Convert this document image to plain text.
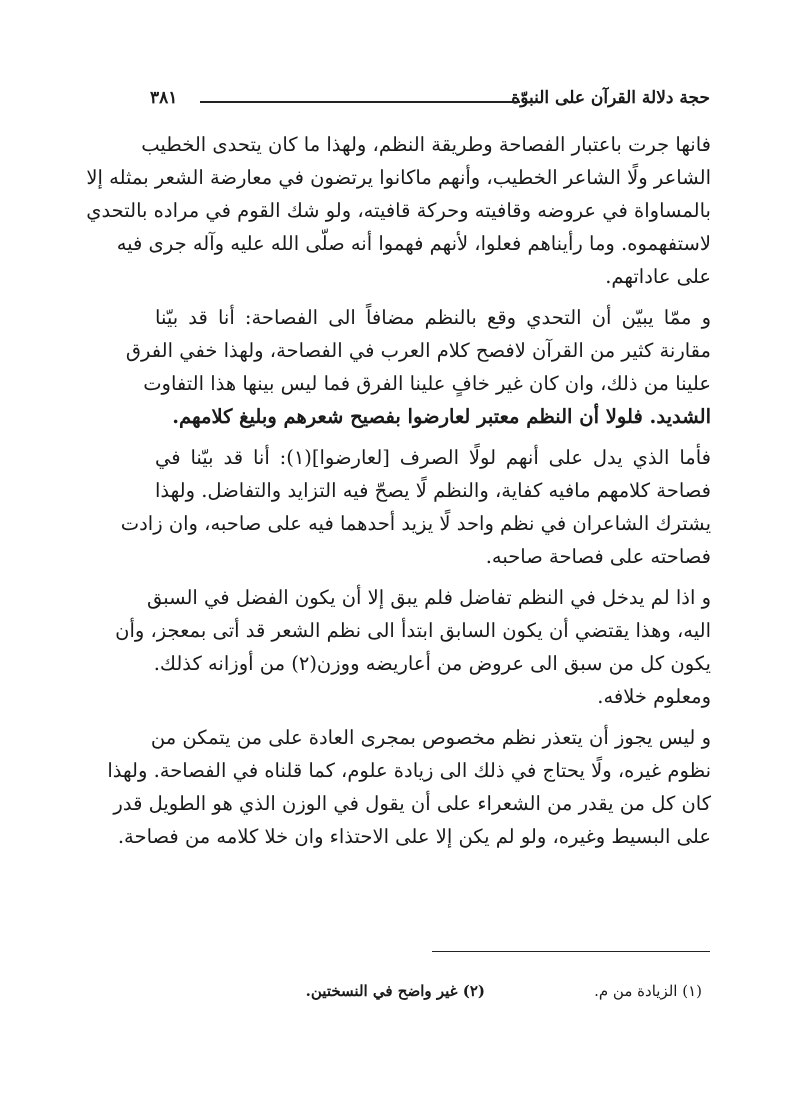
حجة دلالة القرآن على النبوّة
٣٨١
فانها جرت باعتبار الفصاحة وطريقة النظم، ولهذا ما كان يتحدى الخطيب
الشاعر ولًا الشاعر الخطيب، وأنهم ماكانوا يرتضون في معارضة الشعر بمثله إلا
بالمساواة في عروضه وقافيته وحركة قافيته، ولو شك القوم في مراده بالتحدي
لاستفهموه. وما رأيناهم فعلوا، لأنهم فهموا أنه صلّى الله عليه وآله جرى فيه
على عاداتهم.
و ممّا يبيّن أن التحدي وقع بالنظم مضافاً الى الفصاحة: أنا قد بيّنا
مقارنة كثير من القرآن لافصح كلام العرب في الفصاحة، ولهذا خفي الفرق
علينا من ذلك، وان كان غير خافٍ علينا الفرق فما ليس بينها هذا التفاوت
الشديد. فلولا أن النظم معتبر لعارضوا بفصيح شعرهم وبليغ كلامهم.
فأما الذي يدل على أنهم لولًا الصرف [لعارضوا](١): أنا قد بيّنا في
فصاحة كلامهم مافيه كفاية، والنظم لًا يصحّ فيه التزايد والتفاضل. ولهذا
يشترك الشاعران في نظم واحد لًا يزيد أحدهما فيه على صاحبه، وان زادت
فصاحته على فصاحة صاحبه.
و اذا لم يدخل في النظم تفاضل فلم يبق إلا أن يكون الفضل في السبق
اليه، وهذا يقتضي أن يكون السابق ابتدأ الى نظم الشعر قد أتى بمعجز، وأن
يكون كل من سبق الى عروض من أعاريضه ووزن(٢) من أوزانه كذلك.
ومعلوم خلافه.
و ليس يجوز أن يتعذر نظم مخصوص بمجرى العادة على من يتمكن من
نظوم غيره، ولًا يحتاج في ذلك الى زيادة علوم، كما قلناه في الفصاحة. ولهذا
كان كل من يقدر من الشعراء على أن يقول في الوزن الذي هو الطويل قدر
على البسيط وغيره، ولو لم يكن إلا على الاحتذاء وان خلا كلامه من فصاحة.
(١) الزيادة من م.
(٢) غير واضح في النسختين.
